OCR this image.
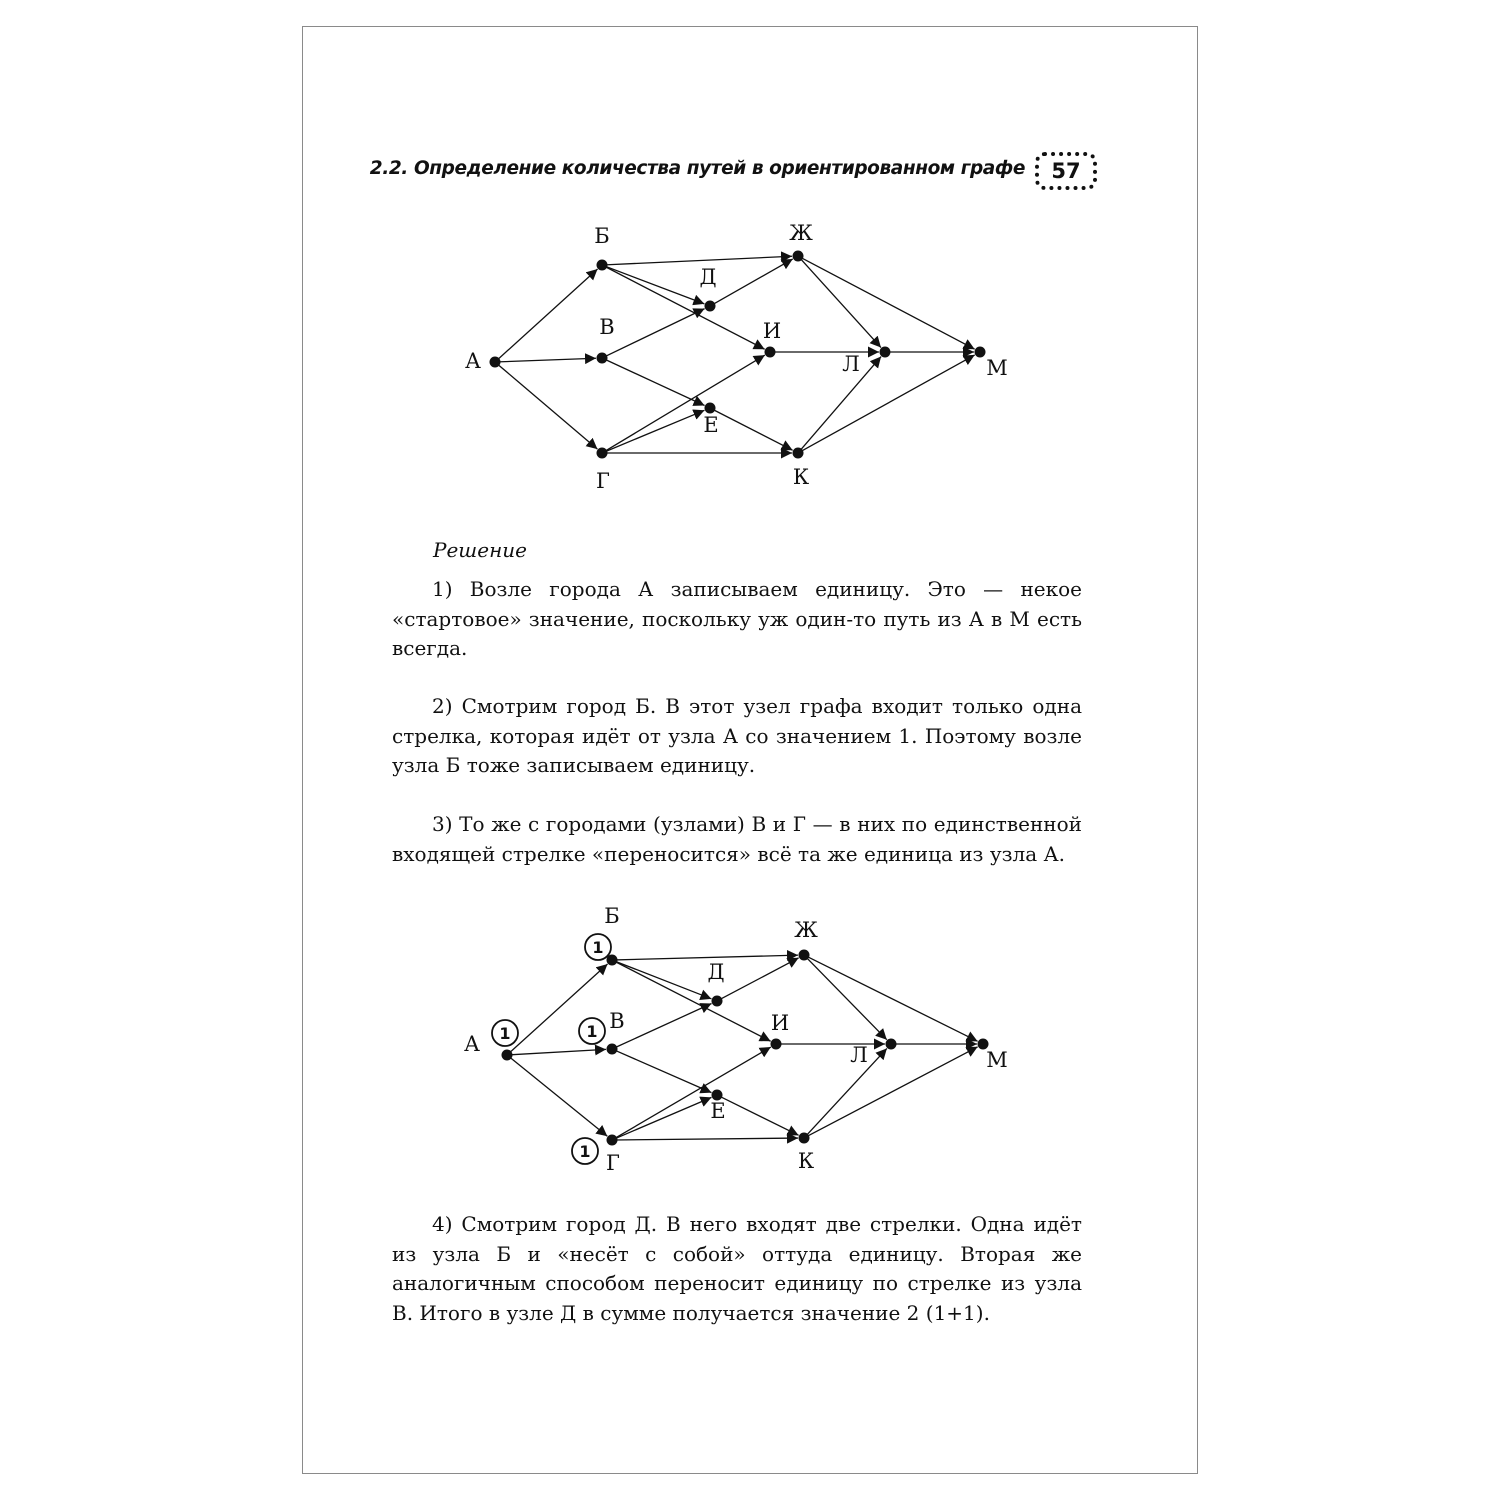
2.2. Определение количества путей в ориентированном графе	57
А
Б
В
Г
Д
Е
Ж
И
К
Л	М
Решение

1) Возле города А записываем единицу. Это — некое «стартовое» значение, поскольку уж один-то путь из А в М есть всегда.

2) Смотрим город Б. В этот узел графа входит только одна стрелка, которая идёт от узла А со значением 1. Поэтому возле узла Б тоже записываем единицу.

3) То же с городами (узлами) В и Г — в них по единственной входящей стрелке «переносится» всё та же единица из узла А.

А
Б
В
Г
Д
Е
Ж
И
К
Л	М
1
1
1
1

4) Смотрим город Д. В него входят две стрелки. Одна идёт из узла Б и «несёт с собой» оттуда единицу. Вторая же аналогичным способом переносит единицу по стрелке из узла В. Итого в узле Д в сумме получается значение 2 (1+1).
